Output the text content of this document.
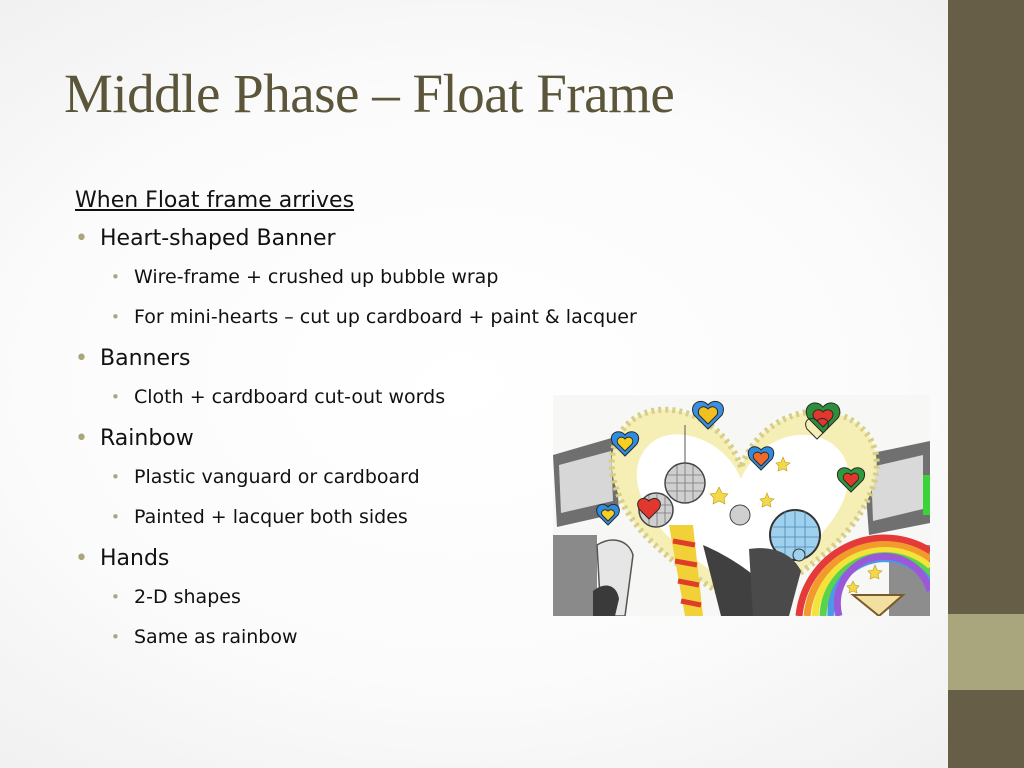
Middle Phase – Float Frame
When Float frame arrives
• Heart-shaped Banner
• Wire-frame + crushed up bubble wrap
• For mini-hearts – cut up cardboard + paint & lacquer
• Banners
• Cloth + cardboard cut-out words
• Rainbow
• Plastic vanguard or cardboard
• Painted + lacquer both sides
• Hands
• 2-D shapes
• Same as rainbow
